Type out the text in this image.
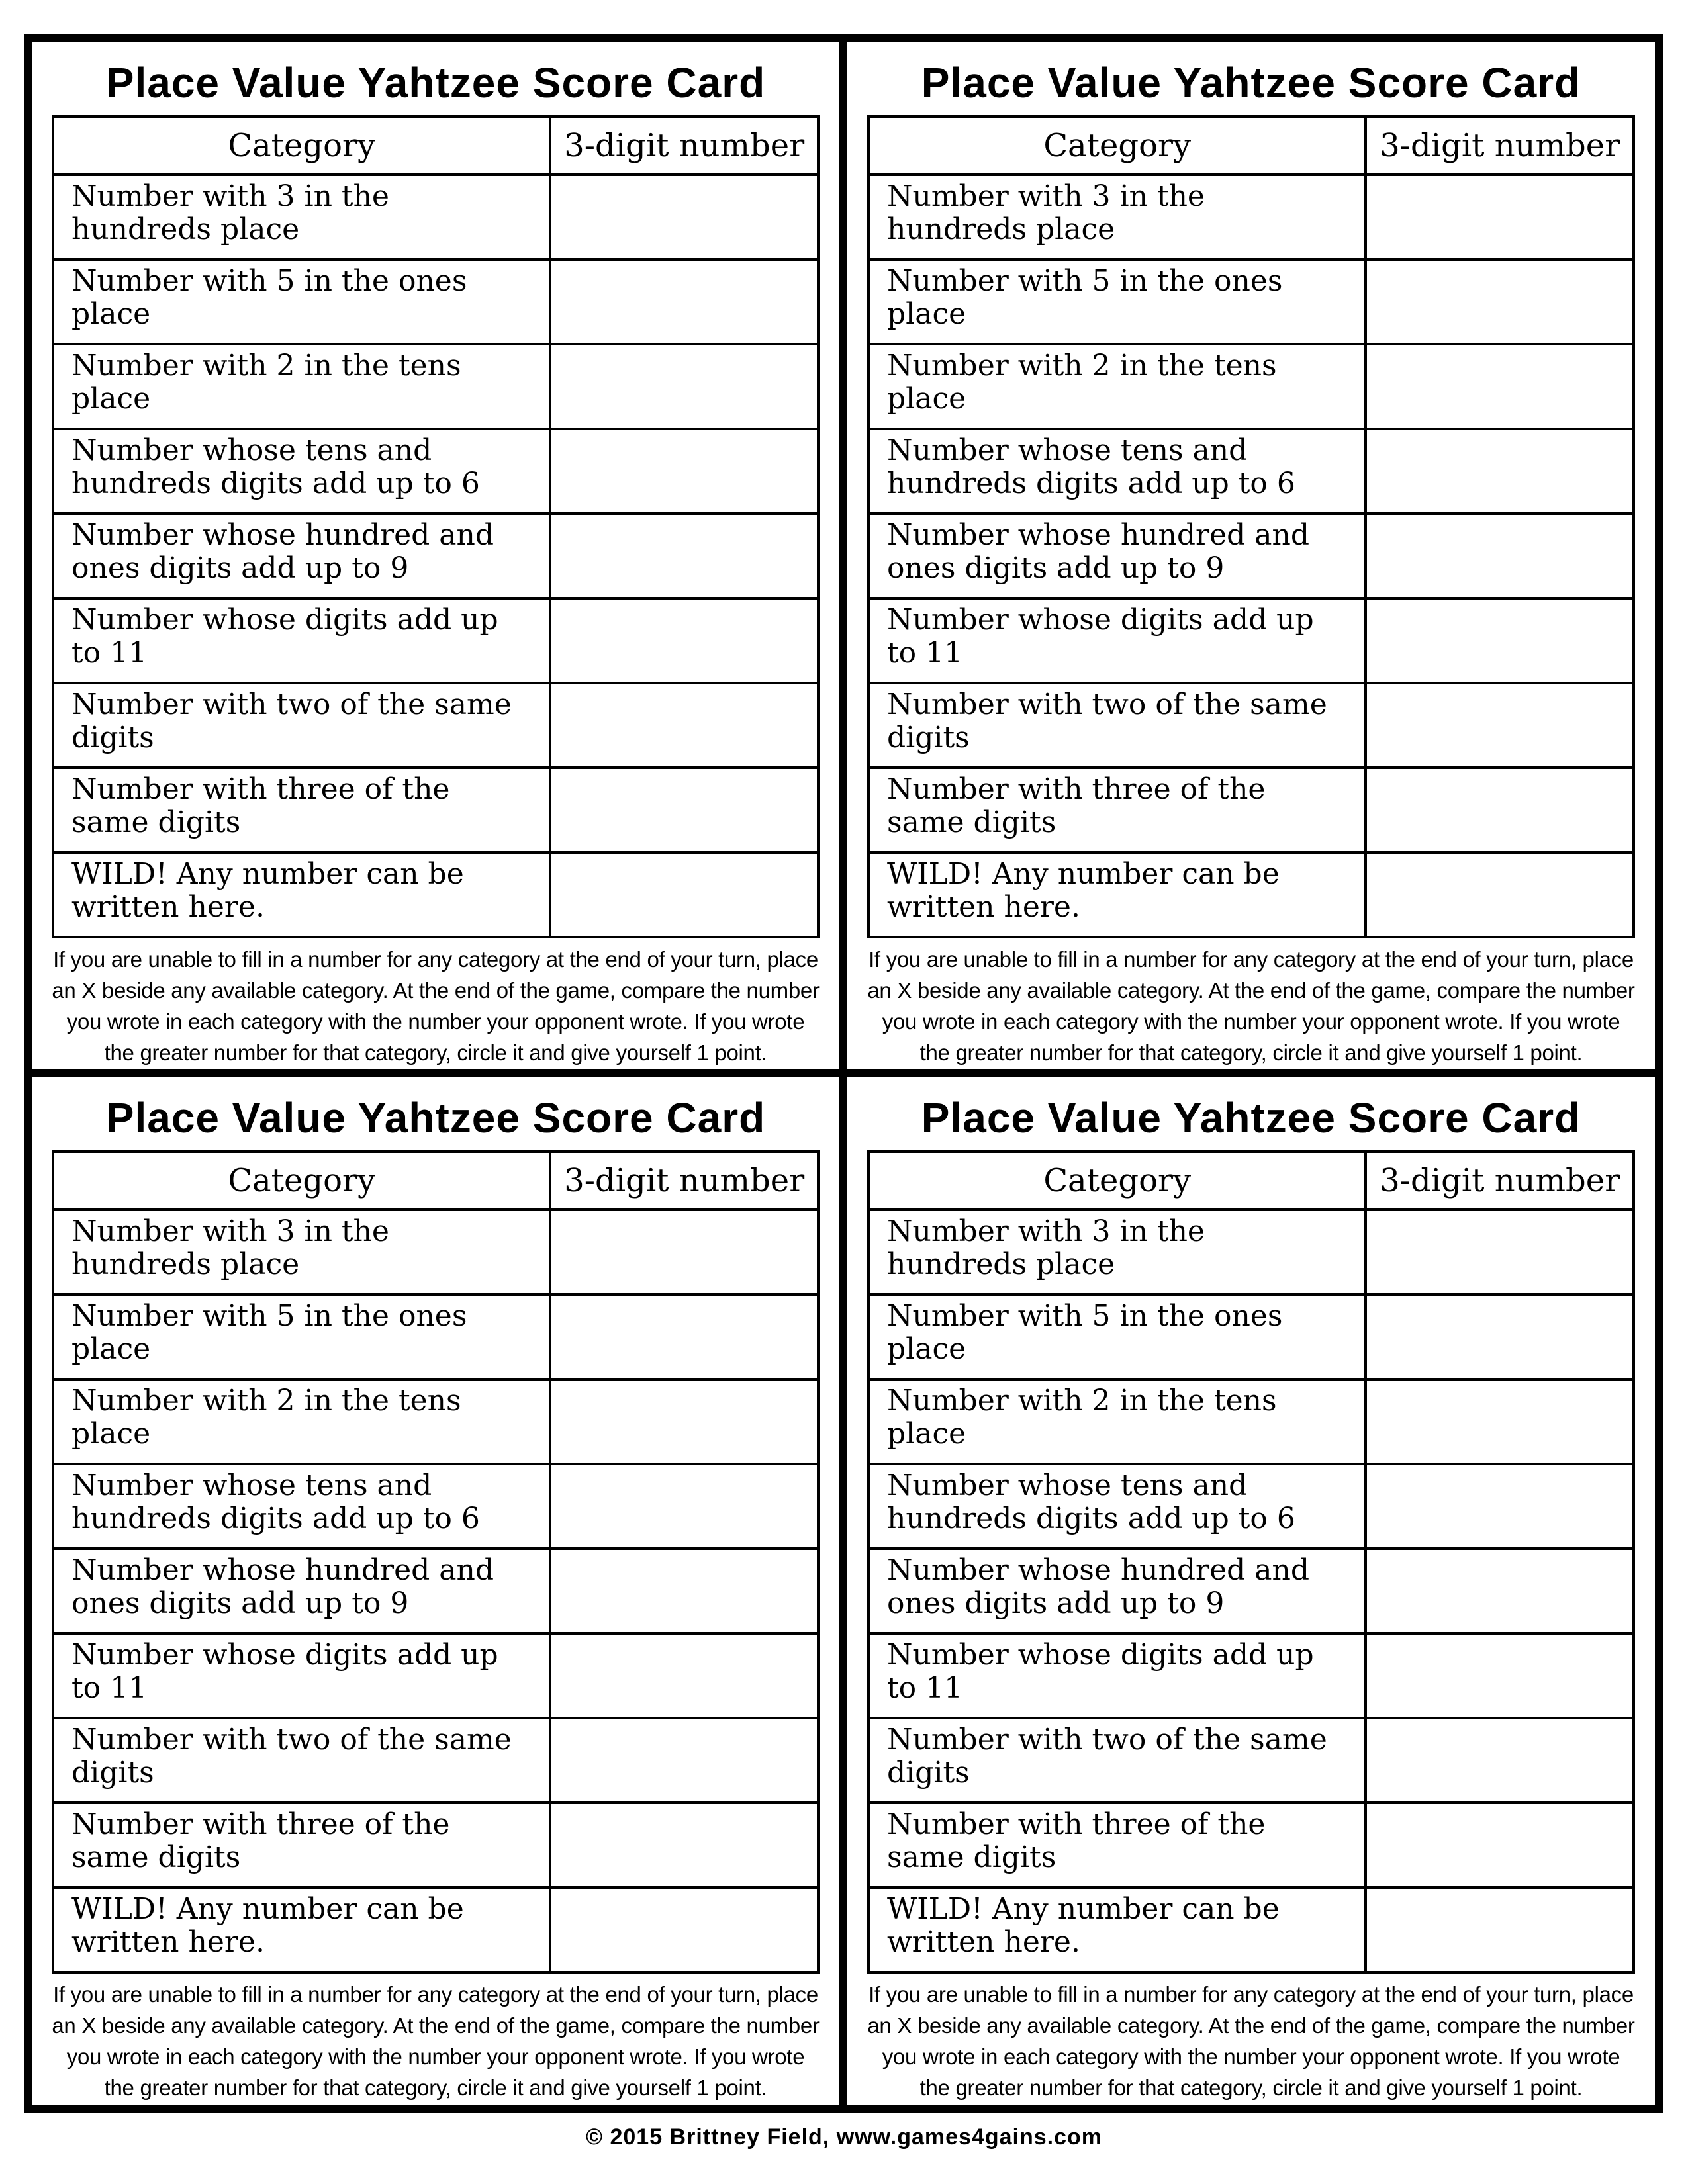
Place Value Yahtzee Score Card
Category	3-digit number
Number with 3 in the hundreds place	
Number with 5 in the ones place	
Number with 2 in the tens place	
Number whose tens and hundreds digits add up to 6	
Number whose hundred and ones digits add up to 9	
Number whose digits add up to 11	
Number with two of the same digits	
Number with three of the same digits	
WILD! Any number can be written here.	
If you are unable to fill in a number for any category at the end of your turn, place an X beside any available category. At the end of the game, compare the number you wrote in each category with the number your opponent wrote. If you wrote the greater number for that category, circle it and give yourself 1 point.
Place Value Yahtzee Score Card
Category	3-digit number
Number with 3 in the hundreds place	
Number with 5 in the ones place	
Number with 2 in the tens place	
Number whose tens and hundreds digits add up to 6	
Number whose hundred and ones digits add up to 9	
Number whose digits add up to 11	
Number with two of the same digits	
Number with three of the same digits	
WILD! Any number can be written here.	
If you are unable to fill in a number for any category at the end of your turn, place an X beside any available category. At the end of the game, compare the number you wrote in each category with the number your opponent wrote. If you wrote the greater number for that category, circle it and give yourself 1 point.
Place Value Yahtzee Score Card
Category	3-digit number
Number with 3 in the hundreds place	
Number with 5 in the ones place	
Number with 2 in the tens place	
Number whose tens and hundreds digits add up to 6	
Number whose hundred and ones digits add up to 9	
Number whose digits add up to 11	
Number with two of the same digits	
Number with three of the same digits	
WILD! Any number can be written here.	
If you are unable to fill in a number for any category at the end of your turn, place an X beside any available category. At the end of the game, compare the number you wrote in each category with the number your opponent wrote. If you wrote the greater number for that category, circle it and give yourself 1 point.
Place Value Yahtzee Score Card
Category	3-digit number
Number with 3 in the hundreds place	
Number with 5 in the ones place	
Number with 2 in the tens place	
Number whose tens and hundreds digits add up to 6	
Number whose hundred and ones digits add up to 9	
Number whose digits add up to 11	
Number with two of the same digits	
Number with three of the same digits	
WILD! Any number can be written here.	
If you are unable to fill in a number for any category at the end of your turn, place an X beside any available category. At the end of the game, compare the number you wrote in each category with the number your opponent wrote. If you wrote the greater number for that category, circle it and give yourself 1 point.
© 2015 Brittney Field, www.games4gains.com
